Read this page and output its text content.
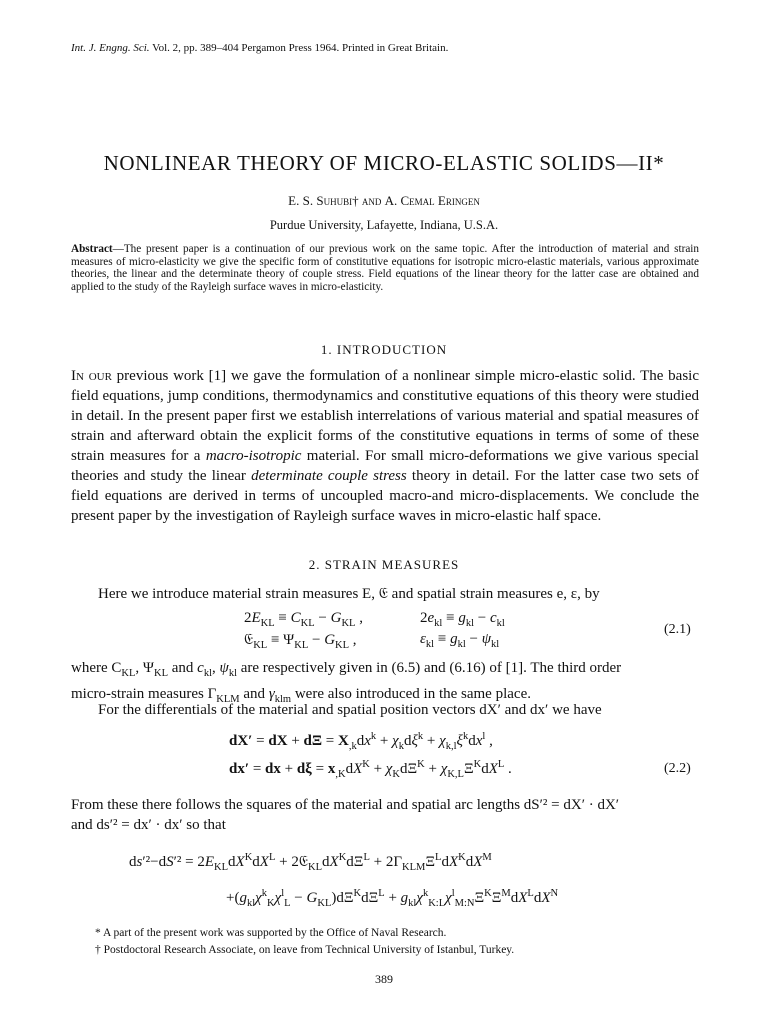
Int. J. Engng. Sci. Vol. 2, pp. 389–404 Pergamon Press 1964. Printed in Great Britain.
NONLINEAR THEORY OF MICRO-ELASTIC SOLIDS—II*
E. S. Suhubi† and A. Cemal Eringen
Purdue University, Lafayette, Indiana, U.S.A.
Abstract—The present paper is a continuation of our previous work on the same topic. After the introduction of material and strain measures of micro-elasticity we give the specific form of constitutive equations for isotropic micro-elastic materials, various approximate theories, the linear and the determinate theory of couple stress. Field equations of the linear theory for the latter case are obtained and applied to the study of the Rayleigh surface waves in micro-elasticity.
1. INTRODUCTION
In our previous work [1] we gave the formulation of a nonlinear simple micro-elastic solid. The basic field equations, jump conditions, thermodynamics and constitutive equations of this theory were studied in detail. In the present paper first we establish interrelations of various material and spatial measures of strain and afterward obtain the explicit forms of the constitutive equations in terms of some of these strain measures for a macro-isotropic material. For small micro-deformations we give various special theories and study the linear determinate couple stress theory in detail. For the latter case two sets of field equations are derived in terms of uncoupled macro-and micro-displacements. We conclude the present paper by the investigation of Rayleigh surface waves in micro-elastic half space.
2. STRAIN MEASURES
Here we introduce material strain measures E, 𝔈 and spatial strain measures e, ε, by
$2E_{KL} \equiv C_{KL} - G_{KL}$ ,	$2e_{kl} \equiv g_{kl} - c_{kl}$
𝔈$_{KL}$ ≡ $\Psi_{KL} - G_{KL}$ ,	$\varepsilon_{kl} \equiv g_{kl} - \psi_{kl}$
(2.1)
where $C_{KL}$, $\Psi_{KL}$ and $c_{kl}$, $\psi_{kl}$ are respectively given in (6.5) and (6.16) of [1]. The third order
micro-strain measures $\Gamma_{KLM}$ and $\gamma_{klm}$ were also introduced in the same place.
For the differentials of the material and spatial position vectors dX′ and dx′ we have
dX′ = dX + $d\Xi = X_{,k}dx^k + \chi_kd\xi^k + \chi_{k,l}\xi^kdx^l$ ,
dx′ = dx + $d\xi = x_{,K}dX^K + \chi_Kd\Xi^K + \chi_{K,L}\Xi^KdX^L$ .	(2.2)
From these there follows the squares of the material and spatial arc lengths dS′² = dX′ · dX′
and ds′² = dx′ · dx′ so that
$ds'^2-dS'^2 = 2E_{KL}dX^KdX^L$ + $2𝔈_{KL}dX^Kd\Xi^L + 2\Gamma_{KLM}\Xi^LdX^KdX^M$
$+(g_{kl}\chi^k_K\chi^l_L - G_{KL})d\Xi^Kd\Xi^L + g_{kl}\chi^k_{K:L}\chi^l_{M:N}\Xi^K\Xi^MdX^LdX^N$
* A part of the present work was supported by the Office of Naval Research.
† Postdoctoral Research Associate, on leave from Technical University of Istanbul, Turkey.
389
